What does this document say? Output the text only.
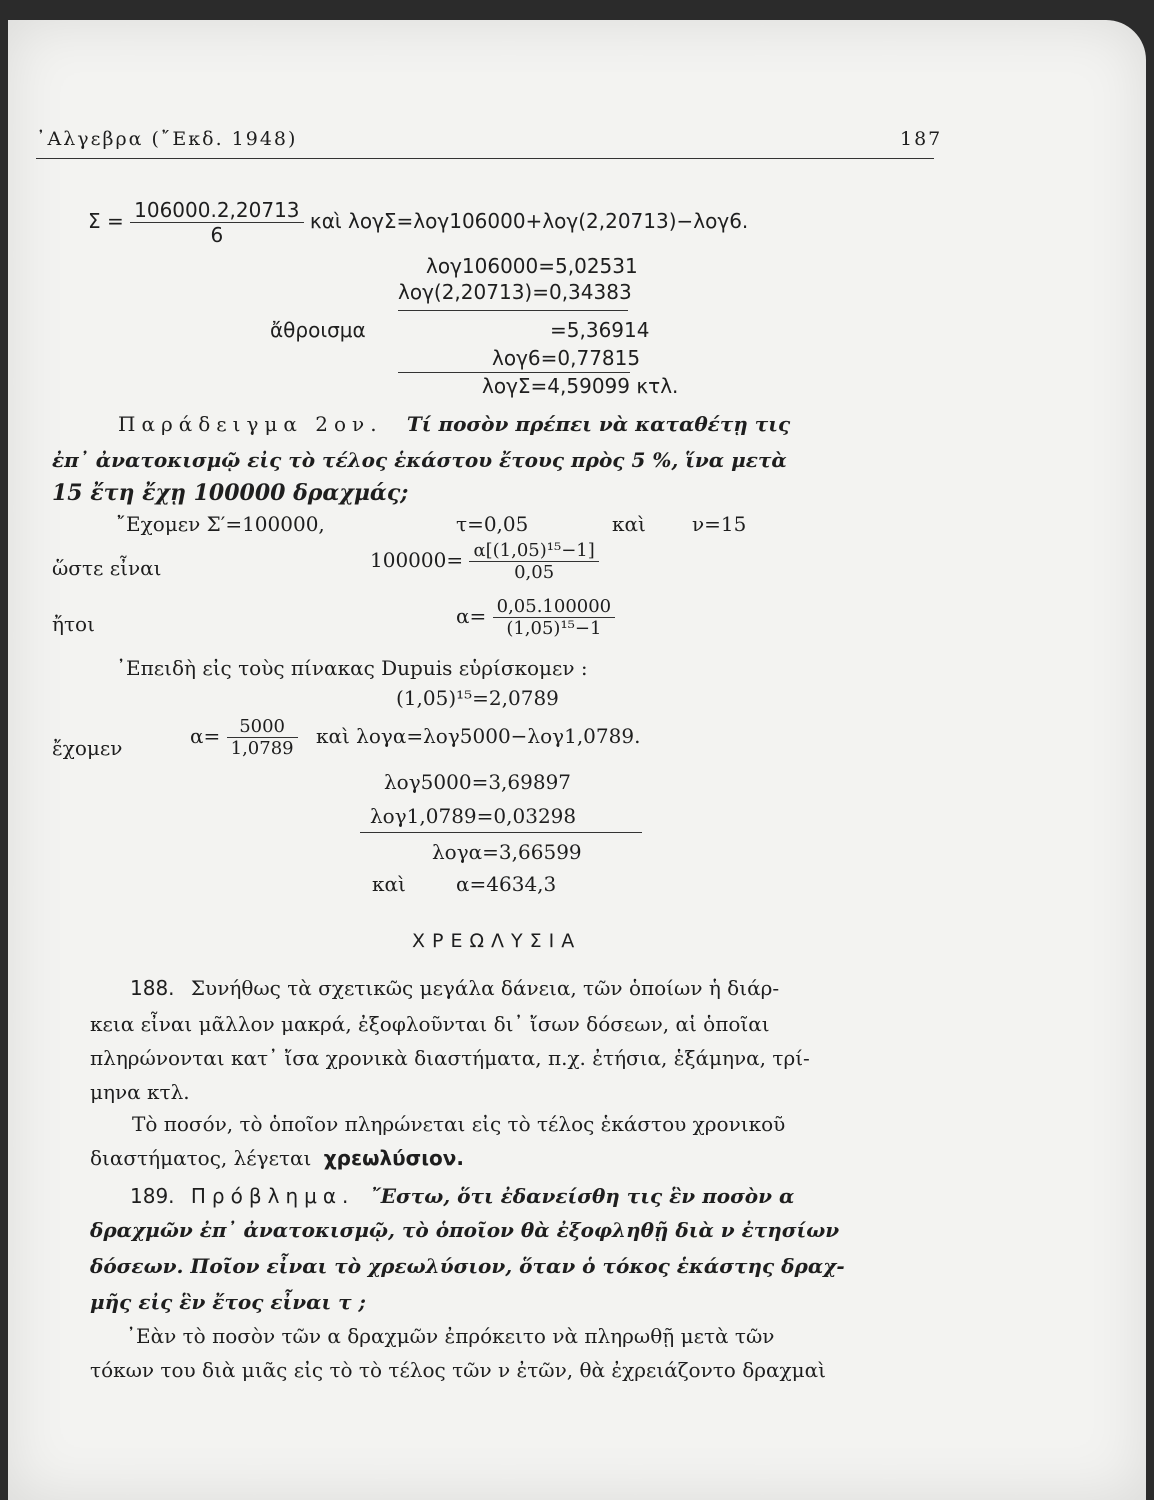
᾿Αλγεβρα (῎Εκδ. 1948)	187
$\Sigma = \frac{106000.2,20713}{6}$ καὶ λογΣ=λογ106000+λογ(2,20713)−λογ6.
λογ106000=5,02531
λογ(2,20713)=0,34383
ἄθροισμα	=5,36914
λογ6=0,77815
λογΣ=4,59099 κτλ.
Παράδειγμα 2ον. Τί ποσὸν πρέπει νὰ καταθέτῃ τις
ἐπ᾿ ἀνατοκισμῷ εἰς τὸ τέλος ἑκάστου ἔτους πρὸς 5 %, ἵνα μετὰ
15 ἔτη ἔχῃ 100000 δραχμάς;
῎Εχομεν Σ′=100000,	τ=0,05	καὶ ν=15
ὥστε εἶναι	$100000= \frac{\text{α[(1,05)¹⁵−1]}}{0,05}$
ἤτοι	$\alpha= \frac{0,05.100000}{\text{(1,05)¹⁵−1}}$
᾿Επειδὴ εἰς τοὺς πίνακας Dupuis εὑρίσκομεν :
(1,05)¹⁵=2,0789
ἔχομεν	$\alpha= \frac{5000}{1,0789}$ καὶ λογα=λογ5000−λογ1,0789.
λογ5000=3,69897
λογ1,0789=0,03298
λογα=3,66599
καὶ	α=4634,3
ΧΡΕΩΛΥΣΙΑ
188. Συνήθως τὰ σχετικῶς μεγάλα δάνεια, τῶν ὁποίων ἡ διάρ-
κεια εἶναι μᾶλλον μακρά, ἐξοφλοῦνται δι᾿ ἴσων δόσεων, αἱ ὁποῖαι
πληρώνονται κατ᾿ ἴσα χρονικὰ διαστήματα, π.χ. ἐτήσια, ἑξάμηνα, τρί-
μηνα κτλ.
Τὸ ποσόν, τὸ ὁποῖον πληρώνεται εἰς τὸ τέλος ἑκάστου χρονικοῦ
διαστήματος, λέγεται χρεωλύσιον.
189. Πρόβλημα. ῎Εστω, ὅτι ἐδανείσθη τις ἓν ποσὸν α
δραχμῶν ἐπ᾿ ἀνατοκισμῷ, τὸ ὁποῖον θὰ ἐξοφληθῇ διὰ ν ἐτησίων
δόσεων. Ποῖον εἶναι τὸ χρεωλύσιον, ὅταν ὁ τόκος ἑκάστης δραχ-
μῆς εἰς ἓν ἔτος εἶναι τ ;
᾿Εὰν τὸ ποσὸν τῶν α δραχμῶν ἐπρόκειτο νὰ πληρωθῇ μετὰ τῶν
τόκων του διὰ μιᾶς εἰς τὸ τὸ τέλος τῶν ν ἐτῶν, θὰ ἐχρειάζοντο δραχμαὶ
